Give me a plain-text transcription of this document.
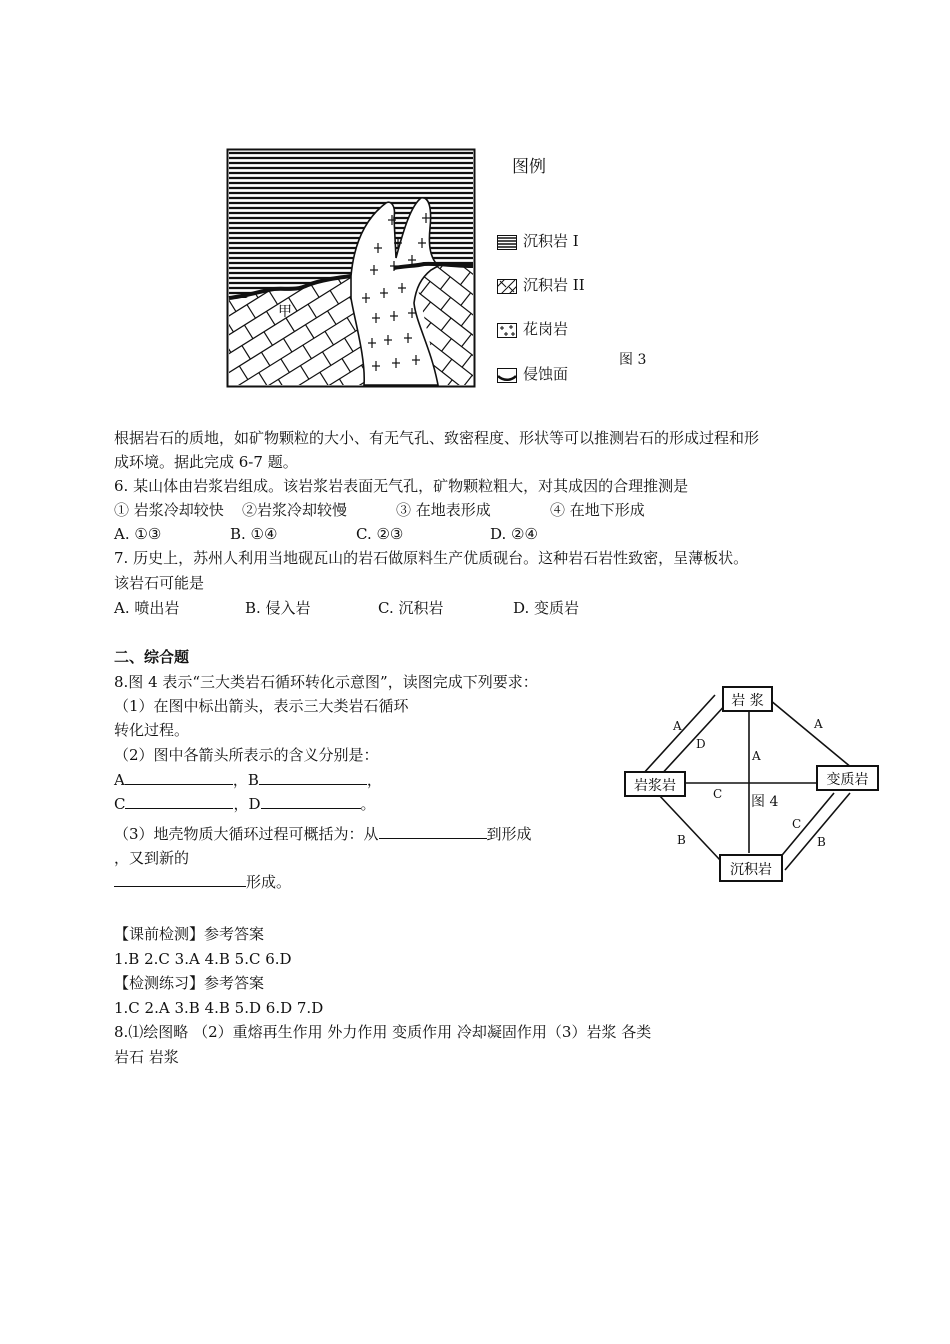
甲
图例
沉积岩 I
沉积岩 II
花岗岩
侵蚀面
图 3
根据岩石的质地，如矿物颗粒的大小、有无气孔、致密程度、形状等可以推测岩石的形成过程和形
成环境。据此完成 6-7 题。
6. 某山体由岩浆岩组成。该岩浆岩表面无气孔，矿物颗粒粗大，对其成因的合理推测是
① 岩浆冷却较快 ②岩浆冷却较慢	③ 在地表形成	④ 在地下形成
A. ①③	B. ①④	C. ②③	D. ②④
7. 历史上，苏州人利用当地砚瓦山的岩石做原料生产优质砚台。这种岩石岩性致密，呈薄板状。
该岩石可能是
A. 喷出岩	B. 侵入岩	C. 沉积岩	D. 变质岩
二、综合题
8.图 4 表示“三大类岩石循环转化示意图”，读图完成下列要求：
（1）在图中标出箭头，表示三大类岩石循环
转化过程。
（2）图中各箭头所表示的含义分别是：
A	，B	，
C	，D	。
（3）地壳物质大循环过程可概括为：从	到形成
，又到新的
形成。
岩 浆
岩浆岩	变质岩
沉积岩
A
D
A
A
C
B
C
B
图 4
【课前检测】参考答案
1.B 2.C 3.A 4.B 5.C 6.D
【检测练习】参考答案
1.C 2.A 3.B 4.B 5.D 6.D 7.D
8.⑴绘图略 （2）重熔再生作用 外力作用 变质作用 冷却凝固作用（3）岩浆 各类
岩石 岩浆
